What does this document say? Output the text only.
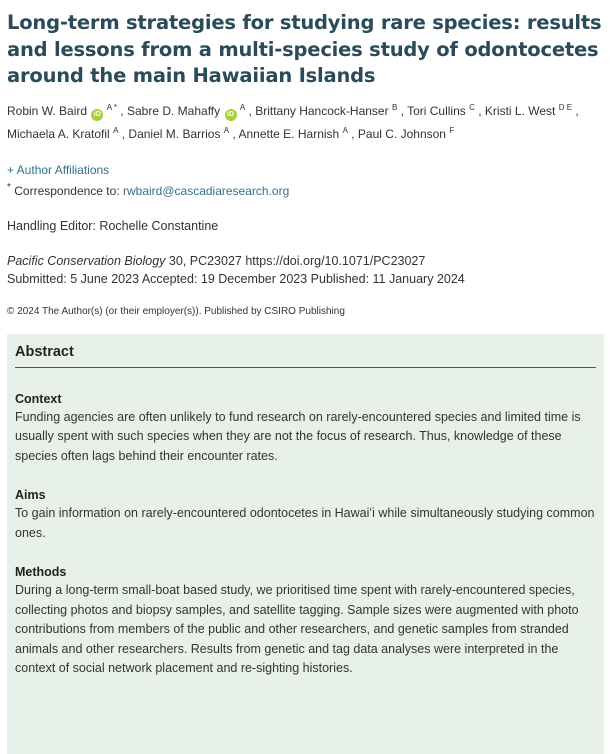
Long-term strategies for studying rare species: results and lessons from a multi-species study of odontocetes around the main Hawaiian Islands
Robin W. Baird iD $^{A *}$ , Sabre D. Mahaffy iD $^A$ , Brittany Hancock-Hanser $^B$ , Tori Cullins $^C$ , Kristi L. West $^{D E}$ , Michaela A. Kratofil $^A$ , Daniel M. Barrios $^A$ , Annette E. Harnish $^A$ , Paul C. Johnson $^F$
+ Author Affiliations
* Correspondence to: rwbaird@cascadiaresearch.org
Handling Editor: Rochelle Constantine
Pacific Conservation Biology 30, PC23027 https://doi.org/10.1071/PC23027
Submitted: 5 June 2023 Accepted: 19 December 2023 Published: 11 January 2024
© 2024 The Author(s) (or their employer(s)). Published by CSIRO Publishing
Abstract
Context
Funding agencies are often unlikely to fund research on rarely-encountered species and limited time is usually spent with such species when they are not the focus of research. Thus, knowledge of these species often lags behind their encounter rates.
Aims
To gain information on rarely-encountered odontocetes in Hawaiʻi while simultaneously studying common ones.
Methods
During a long-term small-boat based study, we prioritised time spent with rarely-encountered species, collecting photos and biopsy samples, and satellite tagging. Sample sizes were augmented with photo contributions from members of the public and other researchers, and genetic samples from stranded animals and other researchers. Results from genetic and tag data analyses were interpreted in the context of social network placement and re-sighting histories.
